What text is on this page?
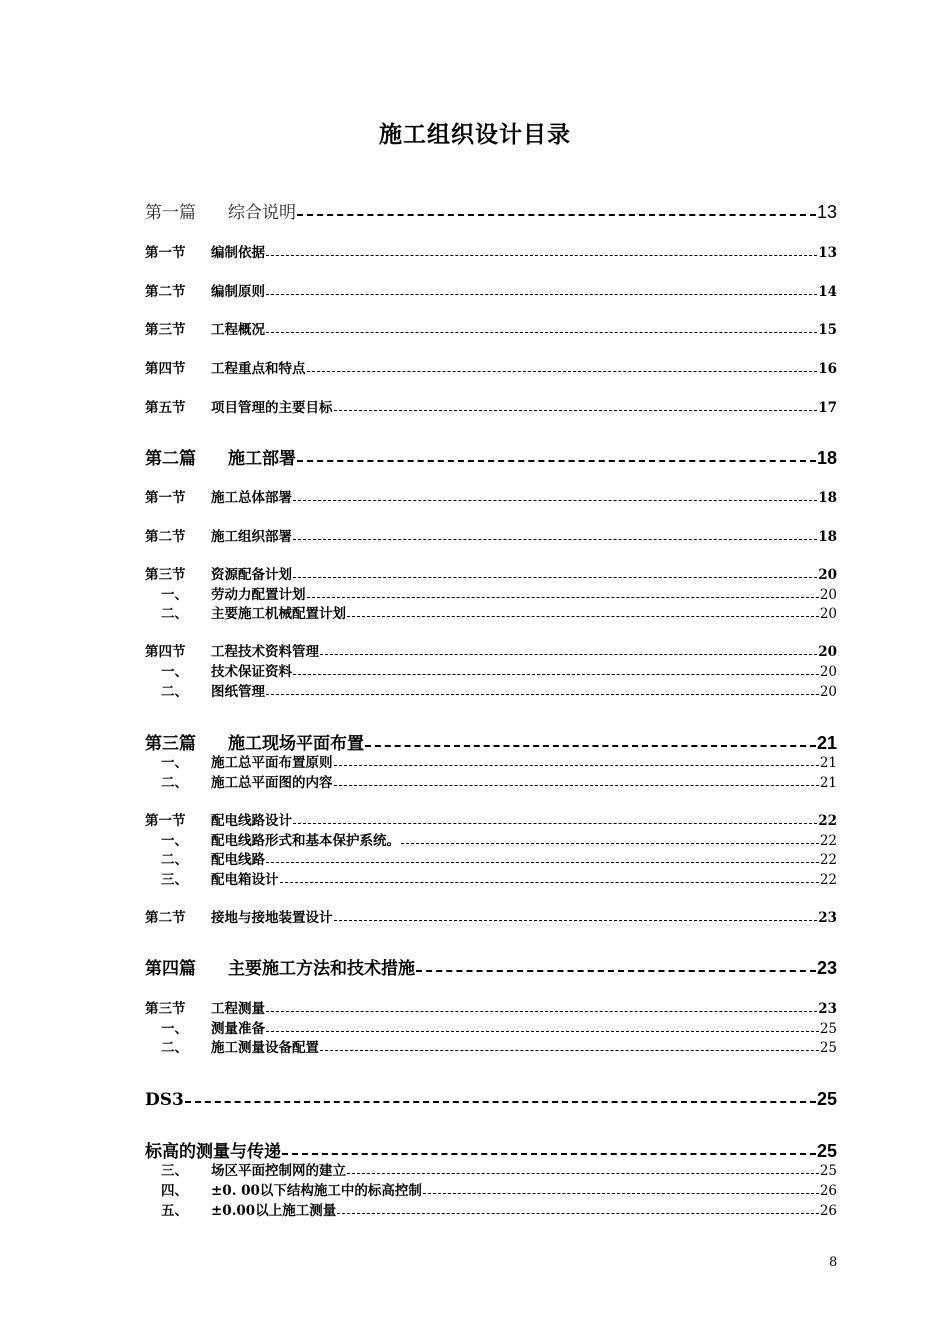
施工组织设计目录
第一篇 综合说明	13
第一节 编制依据	13
第二节 编制原则	14
第三节 工程概况	15
第四节 工程重点和特点	16
第五节 项目管理的主要目标	17
第二篇 施工部署	18
第一节 施工总体部署	18
第二节 施工组织部署	18
第三节 资源配备计划	20
一、 劳动力配置计划	20
二、 主要施工机械配置计划	20
第四节 工程技术资料管理	20
一、 技术保证资料	20
二、 图纸管理	20
第三篇 施工现场平面布置	21
一、 施工总平面布置原则	21
二、 施工总平面图的内容	21
第一节 配电线路设计	22
一、 配电线路形式和基本保护系统。	22
二、 配电线路	22
三、 配电箱设计	22
第二节 接地与接地装置设计	23
第四篇 主要施工方法和技术措施	23
第三节 工程测量	23
一、 测量准备	25
二、 施工测量设备配置	25
DS3	25
标高的测量与传递	25
三、 场区平面控制网的建立	25
四、 ±0. 00以下结构施工中的标高控制	26
五、 ±0.00以上施工测量	26
8
